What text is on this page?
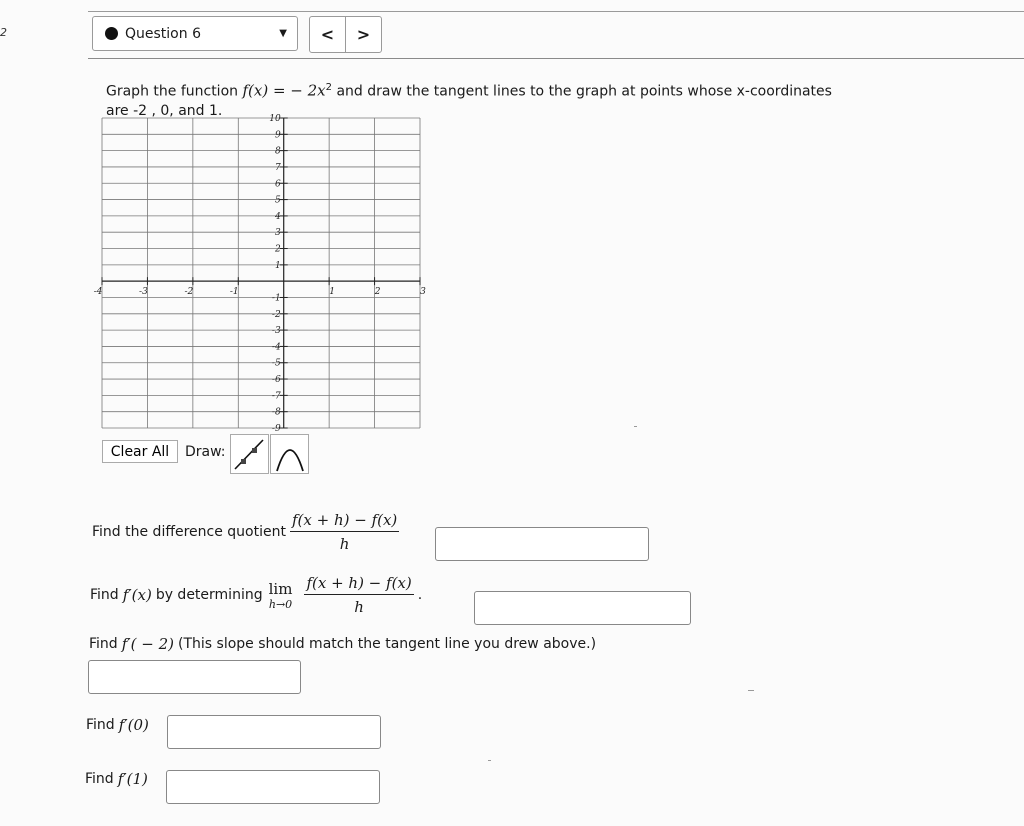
2	Question 6	▼	<	>
Graph the function f(x) = − $2x^2$ and draw the tangent lines to the graph at points whose x-coordinates
are -2 , 0, and 1.
-4	-3	-2	-1	1	2	3
10
9
8
7
6
5
4
3
2
1
-1
-2
-3
-4
-5
-6
-7
-8
-9
Clear All	Draw:
Find the difference quotient $\frac{f(x + h) - f(x)}{h}$
Find f′(x) by determining lim
$h\to 0 \frac{f(x + h) - f(x)}{h}$ .
Find f′( − 2) (This slope should match the tangent line you drew above.)
Find f′(0)
Find f′(1)
